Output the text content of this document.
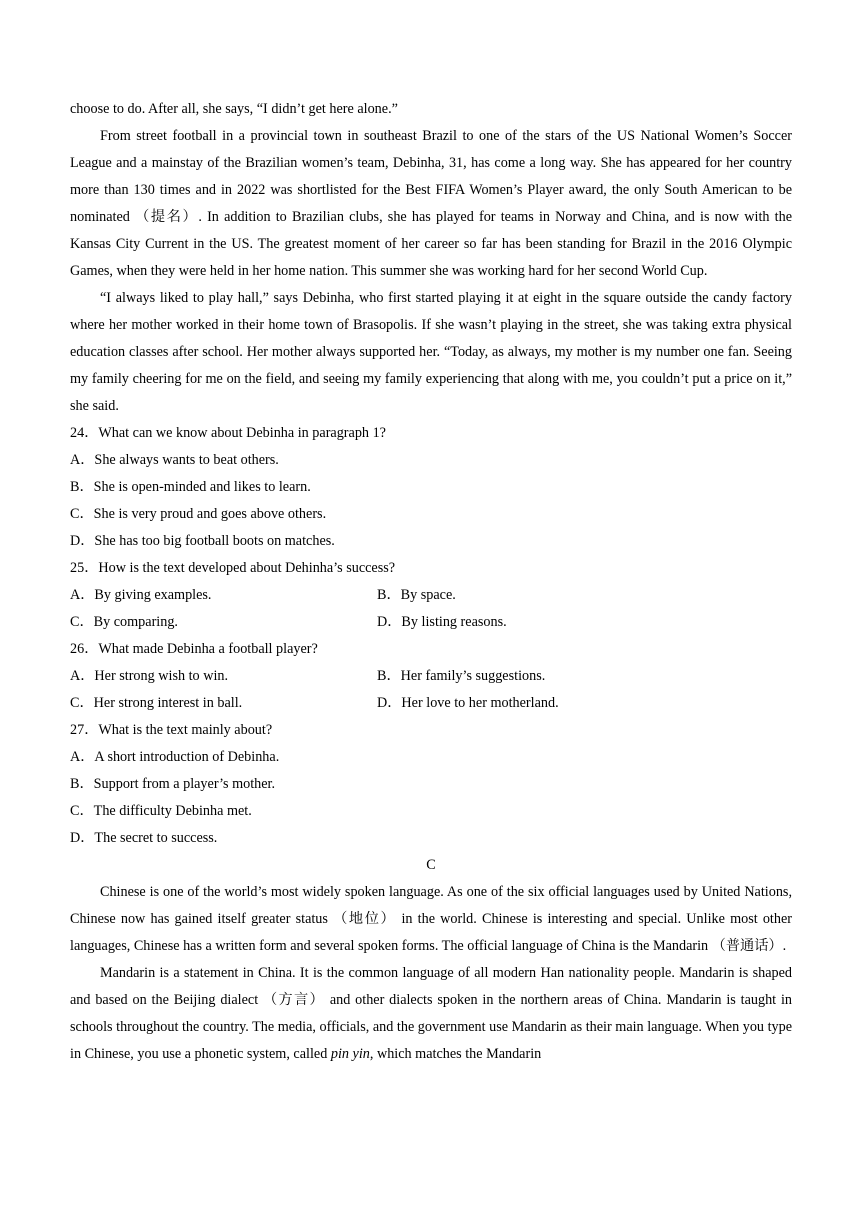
choose to do. After all, she says, “I didn’t get here alone.”

From street football in a provincial town in southeast Brazil to one of the stars of the US National Women’s Soccer League and a mainstay of the Brazilian women’s team, Debinha, 31, has come a long way. She has appeared for her country more than 130 times and in 2022 was shortlisted for the Best FIFA Women’s Player award, the only South American to be nominated （提名）. In addition to Brazilian clubs, she has played for teams in Norway and China, and is now with the Kansas City Current in the US. The greatest moment of her career so far has been standing for Brazil in the 2016 Olympic Games, when they were held in her home nation. This summer she was working hard for her second World Cup.

“I always liked to play hall,” says Debinha, who first started playing it at eight in the square outside the candy factory where her mother worked in their home town of Brasopolis. If she wasn’t playing in the street, she was taking extra physical education classes after school. Her mother always supported her. “Today, as always, my mother is my number one fan. Seeing my family cheering for me on the field, and seeing my family experiencing that along with me, you couldn’t put a price on it,” she said.

24．What can we know about Debinha in paragraph 1?

A．She always wants to beat others.

B．She is open-minded and likes to learn.

C．She is very proud and goes above others.

D．She has too big football boots on matches.

25．How is the text developed about Dehinha’s success?

A．By giving examples.	B．By space.
C．By comparing.	D．By listing reasons.

26．What made Debinha a football player?

A．Her strong wish to win.	B．Her family’s suggestions.
C．Her strong interest in ball.	D．Her love to her motherland.

27．What is the text mainly about?

A．A short introduction of Debinha.

B．Support from a player’s mother.

C．The difficulty Debinha met.

D．The secret to success.

C

Chinese is one of the world’s most widely spoken language. As one of the six official languages used by United Nations, Chinese now has gained itself greater status （地位） in the world. Chinese is interesting and special. Unlike most other languages, Chinese has a written form and several spoken forms. The official language of China is the Mandarin （普通话）.

Mandarin is a statement in China. It is the common language of all modern Han nationality people. Mandarin is shaped and based on the Beijing dialect （方言） and other dialects spoken in the northern areas of China. Mandarin is taught in schools throughout the country. The media, officials, and the government use Mandarin as their main language. When you type in Chinese, you use a phonetic system, called pin yin, which matches the Mandarin
